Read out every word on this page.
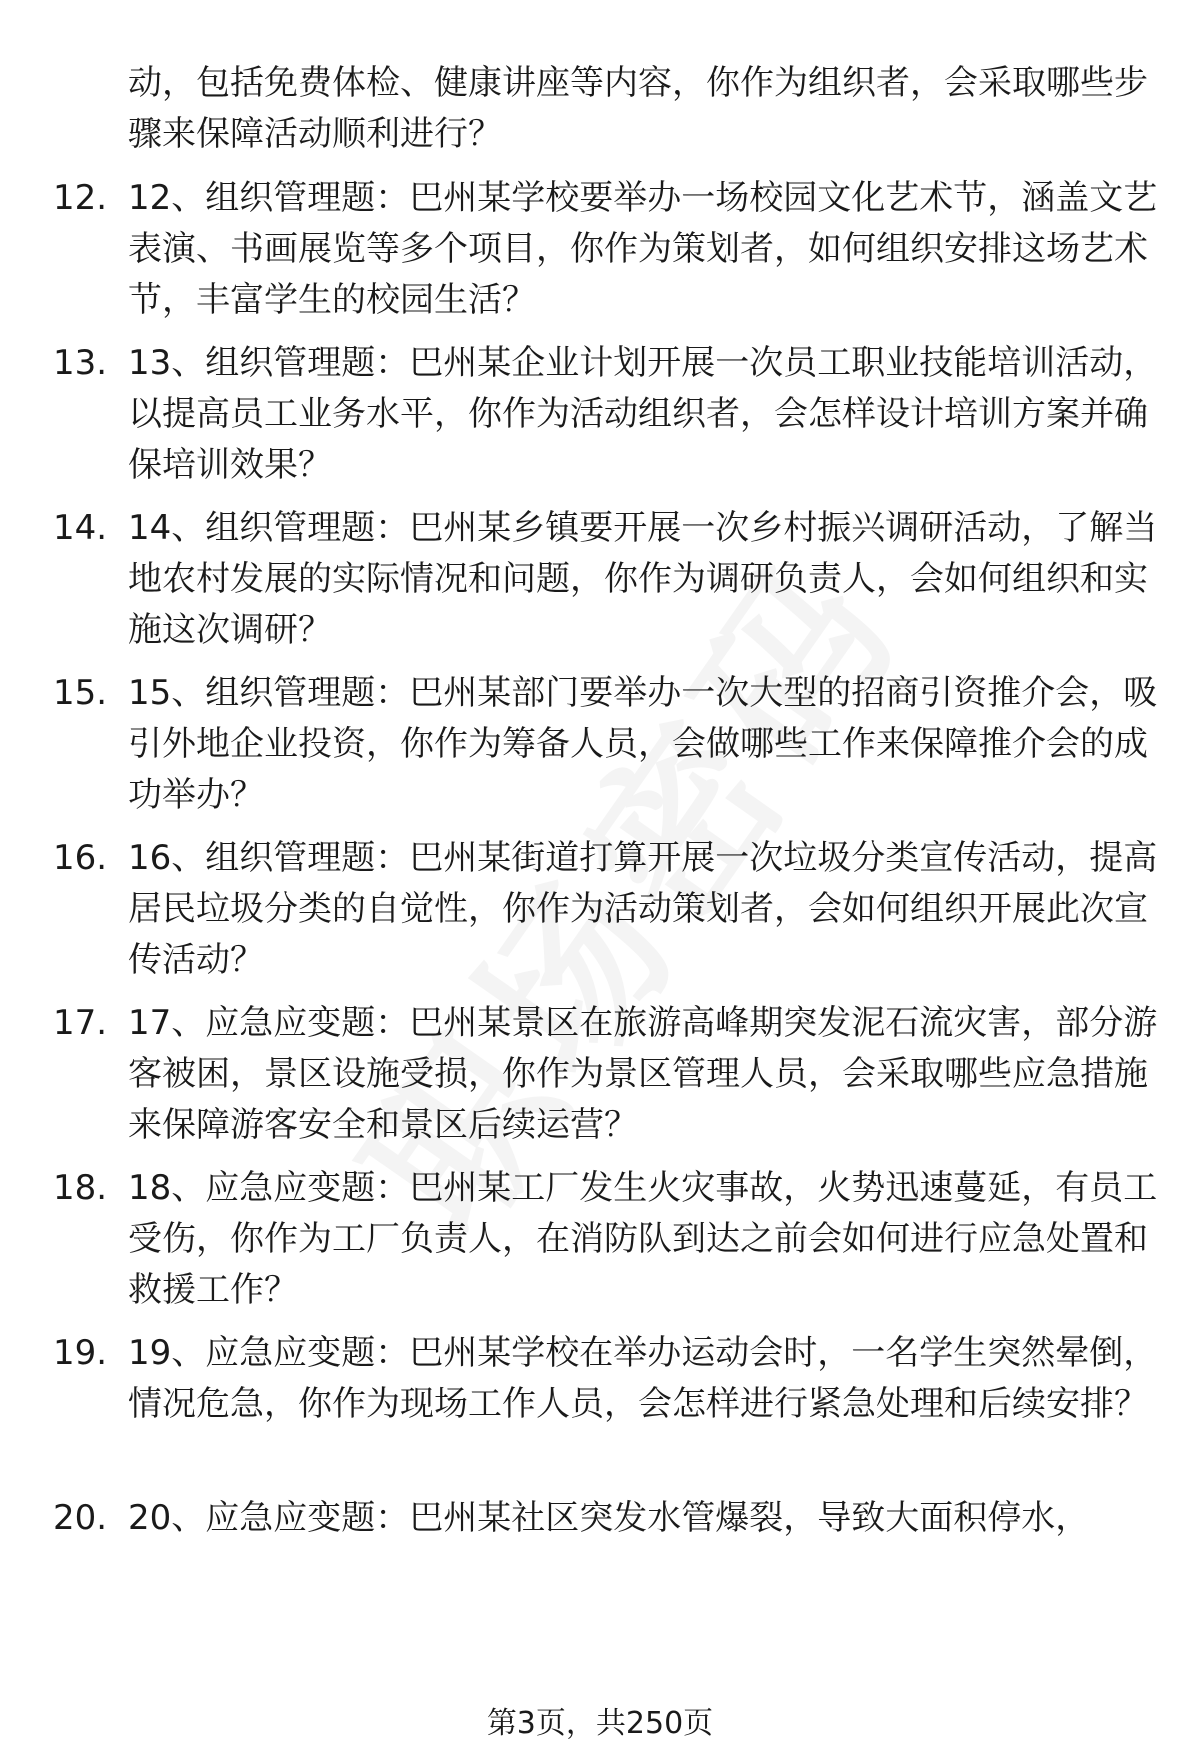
动，包括免费体检、健康讲座等内容，你作为组织者，会采取哪些步骤来保障活动顺利进行？
12. 12、组织管理题：巴州某学校要举办一场校园文化艺术节，涵盖文艺表演、书画展览等多个项目，你作为策划者，如何组织安排这场艺术节，丰富学生的校园生活？
13. 13、组织管理题：巴州某企业计划开展一次员工职业技能培训活动，以提高员工业务水平，你作为活动组织者，会怎样设计培训方案并确保培训效果？
14. 14、组织管理题：巴州某乡镇要开展一次乡村振兴调研活动，了解当地农村发展的实际情况和问题，你作为调研负责人，会如何组织和实施这次调研？
15. 15、组织管理题：巴州某部门要举办一次大型的招商引资推介会，吸引外地企业投资，你作为筹备人员，会做哪些工作来保障推介会的成功举办？
16. 16、组织管理题：巴州某街道打算开展一次垃圾分类宣传活动，提高居民垃圾分类的自觉性，你作为活动策划者，会如何组织开展此次宣传活动？
17. 17、应急应变题：巴州某景区在旅游高峰期突发泥石流灾害，部分游客被困，景区设施受损，你作为景区管理人员，会采取哪些应急措施来保障游客安全和景区后续运营？
18. 18、应急应变题：巴州某工厂发生火灾事故，火势迅速蔓延，有员工受伤，你作为工厂负责人，在消防队到达之前会如何进行应急处置和救援工作？
19. 19、应急应变题：巴州某学校在举办运动会时，一名学生突然晕倒，情况危急，你作为现场工作人员，会怎样进行紧急处理和后续安排？
20. 20、应急应变题：巴州某社区突发水管爆裂，导致大面积停水，
第3页，共250页
